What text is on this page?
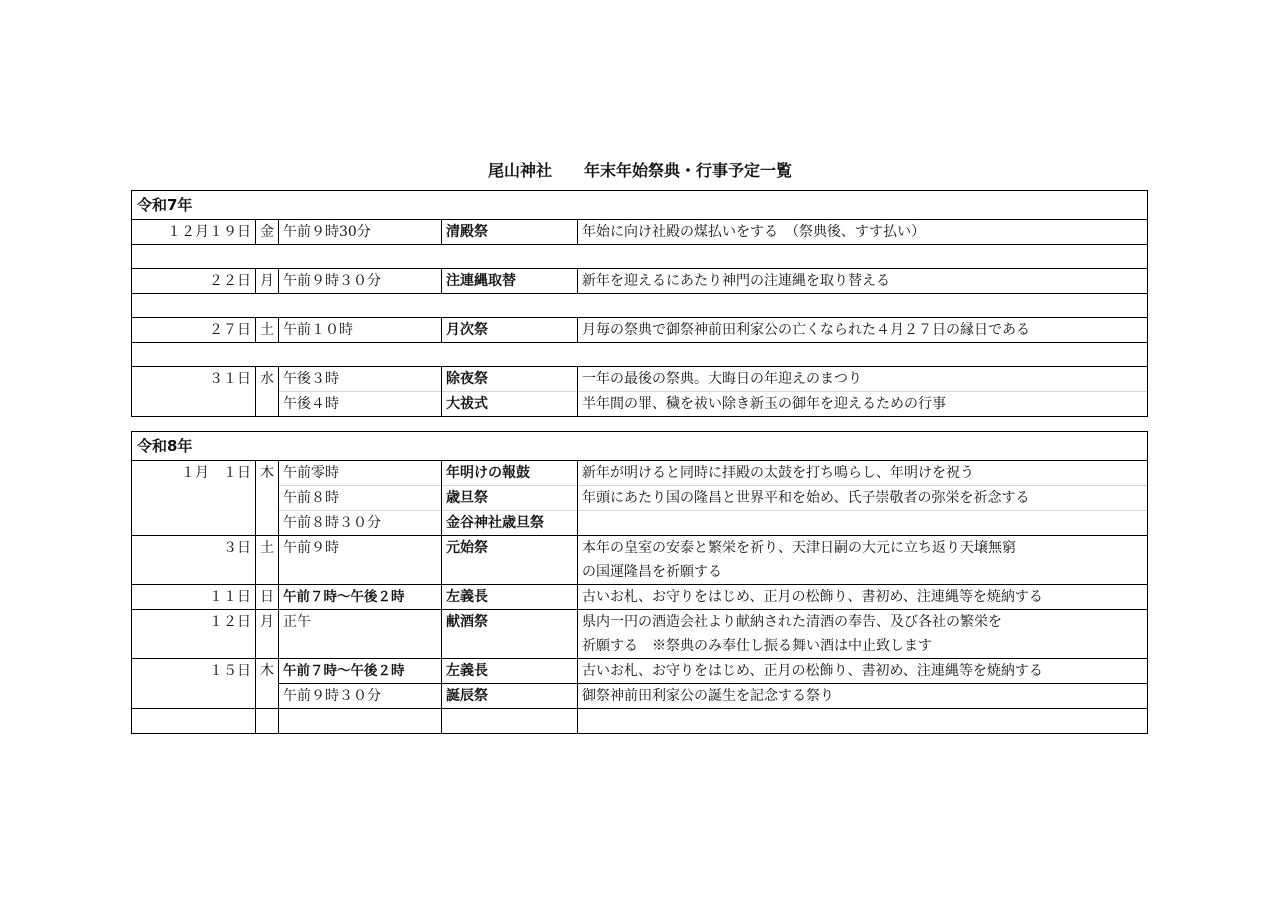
尾山神社　　年末年始祭典・行事予定一覧
令和7年				
１２月１９日	金	午前９時30分	清殿祭	年始に向け社殿の煤払いをする　（祭典後、すす払い）

２２日	月	午前９時３０分	注連縄取替	新年を迎えるにあたり神門の注連縄を取り替える

２７日	土	午前１０時	月次祭	月毎の祭典で御祭神前田利家公の亡くなられた４月２７日の縁日である

３１日	水	午後３時	除夜祭	一年の最後の祭典。大晦日の年迎えのまつり
		午後４時	大祓式	半年間の罪、穢を祓い除き新玉の御年を迎えるための行事
令和8年				
１月　１日	木	午前零時	年明けの報鼓	新年が明けると同時に拝殿の太鼓を打ち鳴らし、年明けを祝う
		午前８時	歳旦祭	年頭にあたり国の隆昌と世界平和を始め、氏子崇敬者の弥栄を祈念する
		午前８時３０分	金谷神社歳旦祭	
３日	土	午前９時	元始祭	本年の皇室の安泰と繁栄を祈り、天津日嗣の大元に立ち返り天壌無窮
				の国運隆昌を祈願する
１１日	日	午前７時～午後２時	左義長	古いお札、お守りをはじめ、正月の松飾り、書初め、注連縄等を焼納する
１２日	月	正午	献酒祭	県内一円の酒造会社より献納された清酒の奉告、及び各社の繁栄を
				祈願する　※祭典のみ奉仕し振る舞い酒は中止致します
１５日	木	午前７時～午後２時	左義長	古いお札、お守りをはじめ、正月の松飾り、書初め、注連縄等を焼納する
		午前９時３０分	誕辰祭	御祭神前田利家公の誕生を記念する祭り
